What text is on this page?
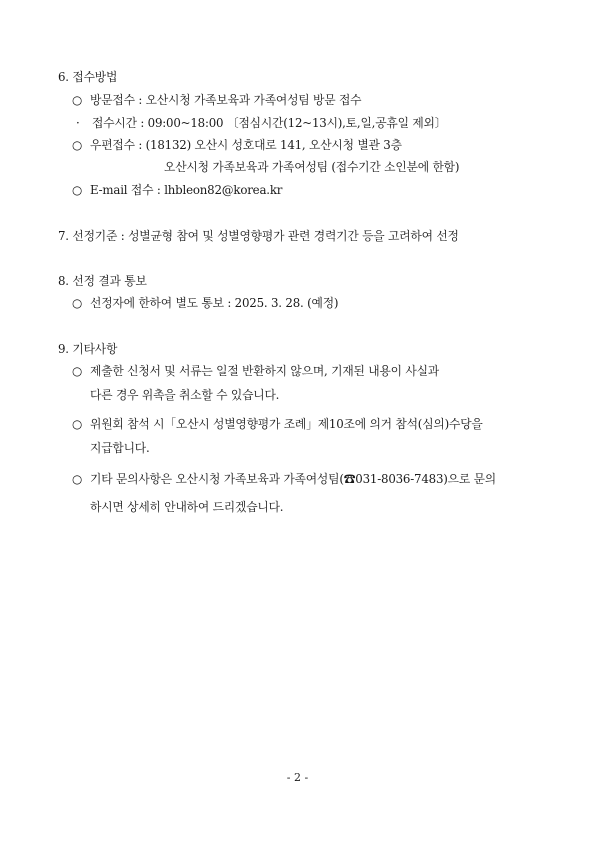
6. 접수방법
○ 방문접수 : 오산시청 가족보육과 가족여성팀 방문 접수
· 접수시간 : 09:00~18:00 〔점심시간(12~13시),토,일,공휴일 제외〕
○ 우편접수 : (18132) 오산시 성호대로 141, 오산시청 별관 3층
오산시청 가족보육과 가족여성팀 (접수기간 소인분에 한함)
○ E-mail 접수 : lhbleon82@korea.kr
7. 선정기준 : 성별균형 참여 및 성별영향평가 관련 경력기간 등을 고려하여 선정
8. 선정 결과 통보
○ 선정자에 한하여 별도 통보 : 2025. 3. 28. (예정)
9. 기타사항
○ 제출한 신청서 및 서류는 일절 반환하지 않으며, 기재된 내용이 사실과
다른 경우 위촉을 취소할 수 있습니다.
○ 위원회 참석 시「오산시 성별영향평가 조례」제10조에 의거 참석(심의)수당을
지급합니다.
○ 기타 문의사항은 오산시청 가족보육과 가족여성팀(☎031-8036-7483)으로 문의
하시면 상세히 안내하여 드리겠습니다.
- 2 -
